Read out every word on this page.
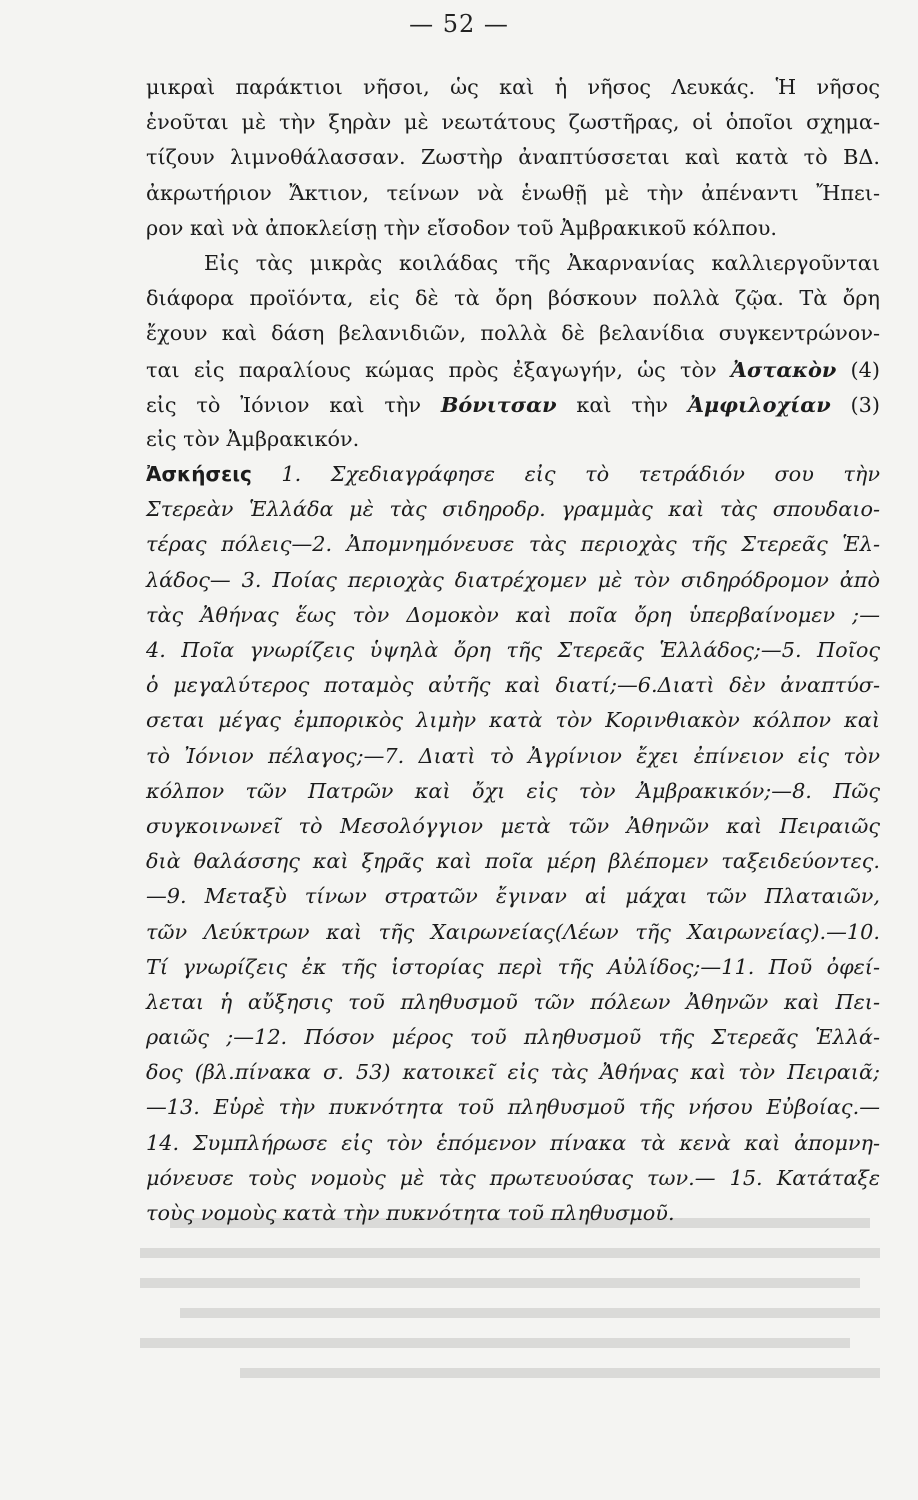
— 52 —
μικραὶ παράκτιοι νῆσοι, ὡς καὶ ἡ νῆσος Λευκάς. Ἡ νῆσος
ἑνοῦται μὲ τὴν ξηρὰν μὲ νεωτάτους ζωστῆρας, οἱ ὁποῖοι σχημα-
τίζουν λιμνοθάλασσαν. Ζωστὴρ ἀναπτύσσεται καὶ κατὰ τὸ ΒΔ.
ἀκρωτήριον Ἄκτιον, τείνων νὰ ἑνωθῇ μὲ τὴν ἀπέναντι Ἤπει-
ρον καὶ νὰ ἀποκλείσῃ τὴν εἴσοδον τοῦ Ἀμβρακικοῦ κόλπου.
Εἰς τὰς μικρὰς κοιλάδας τῆς Ἀκαρνανίας καλλιεργοῦνται
διάφορα προϊόντα, εἰς δὲ τὰ ὄρη βόσκουν πολλὰ ζῷα. Τὰ ὄρη
ἔχουν καὶ δάση βελανιδιῶν, πολλὰ δὲ βελανίδια συγκεντρώνον-
ται εἰς παραλίους κώμας πρὸς ἐξαγωγήν, ὡς τὸν Ἀστακὸν (4)
εἰς τὸ Ἰόνιον καὶ τὴν Βόνιτσαν καὶ τὴν Ἀμφιλοχίαν (3)
εἰς τὸν Ἀμβρακικόν.
Ἀσκήσεις 1. Σχεδιαγράφησε εἰς τὸ τετράδιόν σου τὴν
Στερεὰν Ἑλλάδα μὲ τὰς σιδηροδρ. γραμμὰς καὶ τὰς σπουδαιο-
τέρας πόλεις—2. Ἀπομνημόνευσε τὰς περιοχὰς τῆς Στερεᾶς Ἑλ-
λάδος— 3. Ποίας περιοχὰς διατρέχομεν μὲ τὸν σιδηρόδρομον ἀπὸ
τὰς Ἀθήνας ἕως τὸν Δομοκὸν καὶ ποῖα ὄρη ὑπερβαίνομεν ;—
4. Ποῖα γνωρίζεις ὑψηλὰ ὄρη τῆς Στερεᾶς Ἑλλάδος;—5. Ποῖος
ὁ μεγαλύτερος ποταμὸς αὐτῆς καὶ διατί;—6.Διατὶ δὲν ἀναπτύσ-
σεται μέγας ἐμπορικὸς λιμὴν κατὰ τὸν Κορινθιακὸν κόλπον καὶ
τὸ Ἰόνιον πέλαγος;—7. Διατὶ τὸ Ἀγρίνιον ἔχει ἐπίνειον εἰς τὸν
κόλπον τῶν Πατρῶν καὶ ὄχι εἰς τὸν Ἀμβρακικόν;—8. Πῶς
συγκοινωνεῖ τὸ Μεσολόγγιον μετὰ τῶν Ἀθηνῶν καὶ Πειραιῶς
διὰ θαλάσσης καὶ ξηρᾶς καὶ ποῖα μέρη βλέπομεν ταξειδεύοντες.
—9. Μεταξὺ τίνων στρατῶν ἔγιναν αἱ μάχαι τῶν Πλαταιῶν,
τῶν Λεύκτρων καὶ τῆς Χαιρωνείας(Λέων τῆς Χαιρωνείας).—10.
Τί γνωρίζεις ἐκ τῆς ἱστορίας περὶ τῆς Αὐλίδος;—11. Ποῦ ὀφεί-
λεται ἡ αὔξησις τοῦ πληθυσμοῦ τῶν πόλεων Ἀθηνῶν καὶ Πει-
ραιῶς ;—12. Πόσον μέρος τοῦ πληθυσμοῦ τῆς Στερεᾶς Ἑλλά-
δος (βλ.πίνακα σ. 53) κατοικεῖ εἰς τὰς Ἀθήνας καὶ τὸν Πειραιᾶ;
—13. Εὑρὲ τὴν πυκνότητα τοῦ πληθυσμοῦ τῆς νήσου Εὐβοίας.—
14. Συμπλήρωσε εἰς τὸν ἑπόμενον πίνακα τὰ κενὰ καὶ ἀπομνη-
μόνευσε τοὺς νομοὺς μὲ τὰς πρωτευούσας των.— 15. Κατάταξε
τοὺς νομοὺς κατὰ τὴν πυκνότητα τοῦ πληθυσμοῦ.
